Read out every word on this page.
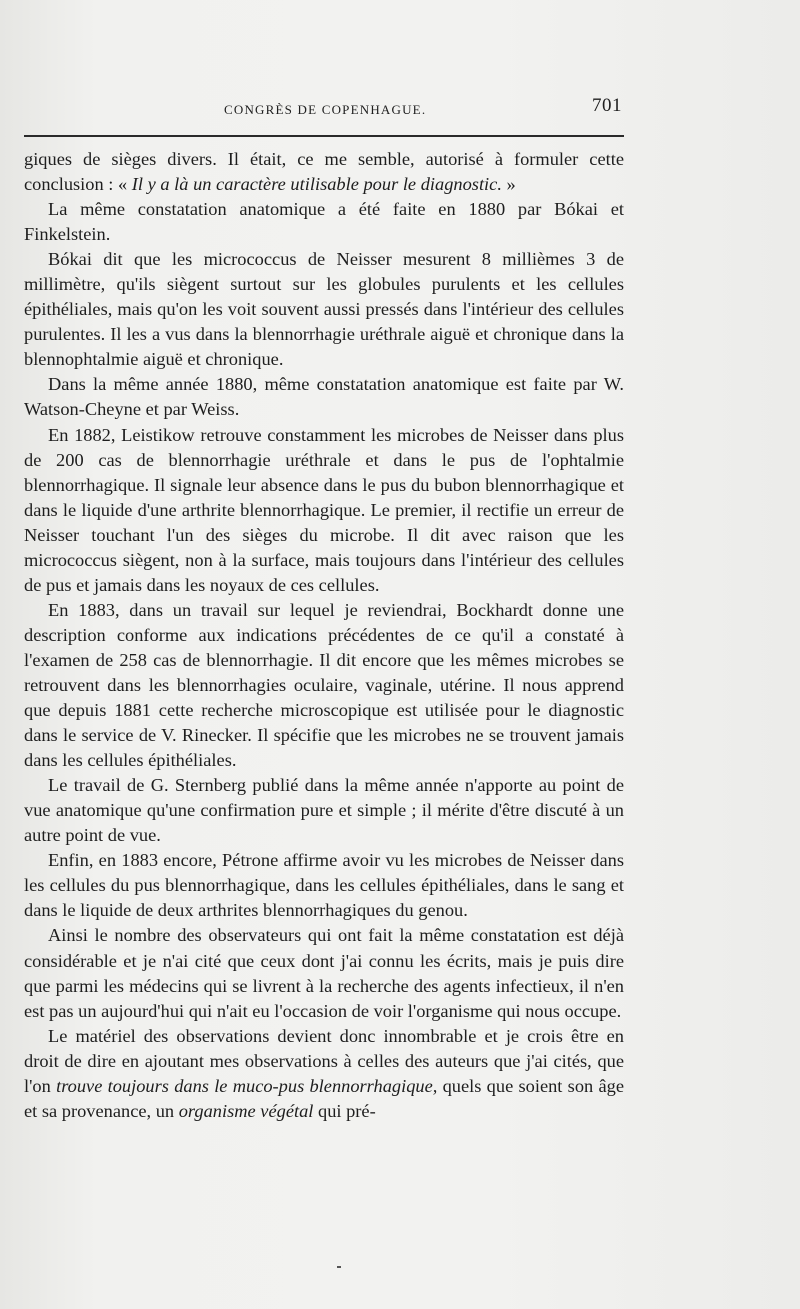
CONGRÈS DE COPENHAGUE.	701

giques de sièges divers. Il était, ce me semble, autorisé à formuler cette conclusion : « Il y a là un caractère utilisable pour le diagnostic. »

La même constatation anatomique a été faite en 1880 par Bókai et Finkelstein.

Bókai dit que les micrococcus de Neisser mesurent 8 millièmes 3 de millimètre, qu'ils siègent surtout sur les globules purulents et les cellules épithéliales, mais qu'on les voit souvent aussi pressés dans l'intérieur des cellules purulentes. Il les a vus dans la blennorrhagie uréthrale aiguë et chronique dans la blennophtalmie aiguë et chronique.

Dans la même année 1880, même constatation anatomique est faite par W. Watson-Cheyne et par Weiss.

En 1882, Leistikow retrouve constamment les microbes de Neisser dans plus de 200 cas de blennorrhagie uréthrale et dans le pus de l'ophtalmie blennorrhagique. Il signale leur absence dans le pus du bubon blennorrhagique et dans le liquide d'une arthrite blennorrhagique. Le premier, il rectifie un erreur de Neisser touchant l'un des sièges du microbe. Il dit avec raison que les micrococcus siègent, non à la surface, mais toujours dans l'intérieur des cellules de pus et jamais dans les noyaux de ces cellules.

En 1883, dans un travail sur lequel je reviendrai, Bockhardt donne une description conforme aux indications précédentes de ce qu'il a constaté à l'examen de 258 cas de blennorrhagie. Il dit encore que les mêmes microbes se retrouvent dans les blennorrhagies oculaire, vaginale, utérine. Il nous apprend que depuis 1881 cette recherche microscopique est utilisée pour le diagnostic dans le service de V. Rinecker. Il spécifie que les microbes ne se trouvent jamais dans les cellules épithéliales.

Le travail de G. Sternberg publié dans la même année n'apporte au point de vue anatomique qu'une confirmation pure et simple ; il mérite d'être discuté à un autre point de vue.

Enfin, en 1883 encore, Pétrone affirme avoir vu les microbes de Neisser dans les cellules du pus blennorrhagique, dans les cellules épithéliales, dans le sang et dans le liquide de deux arthrites blennorrhagiques du genou.

Ainsi le nombre des observateurs qui ont fait la même constatation est déjà considérable et je n'ai cité que ceux dont j'ai connu les écrits, mais je puis dire que parmi les médecins qui se livrent à la recherche des agents infectieux, il n'en est pas un aujourd'hui qui n'ait eu l'occasion de voir l'organisme qui nous occupe.

Le matériel des observations devient donc innombrable et je crois être en droit de dire en ajoutant mes observations à celles des auteurs que j'ai cités, que l'on trouve toujours dans le muco-pus blennorrhagique, quels que soient son âge et sa provenance, un organisme végétal qui pré-
